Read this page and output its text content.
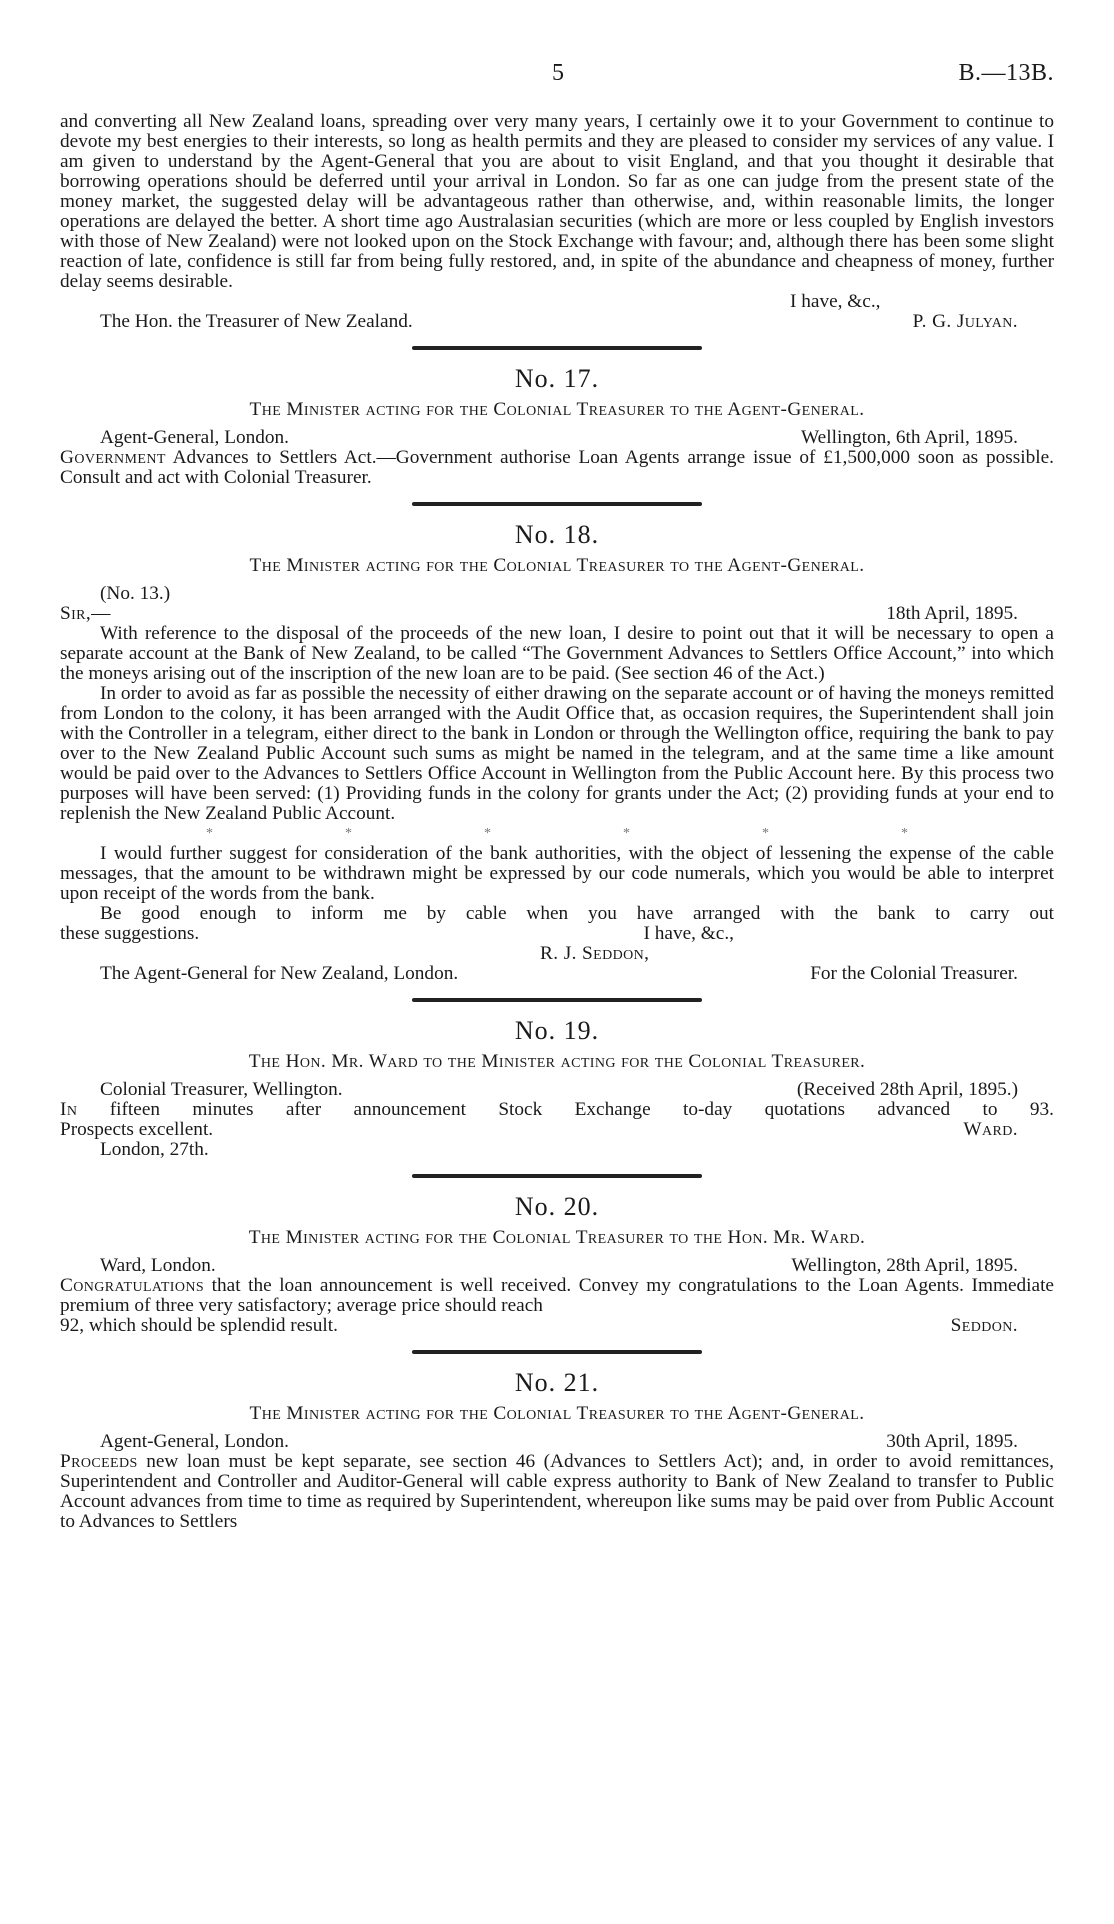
5	B.—13B.

and converting all New Zealand loans, spreading over very many years, I certainly owe it to your Government to continue to devote my best energies to their interests, so long as health permits and they are pleased to consider my services of any value. I am given to understand by the Agent-General that you are about to visit England, and that you thought it desirable that borrowing operations should be deferred until your arrival in London. So far as one can judge from the present state of the money market, the suggested delay will be advantageous rather than otherwise, and, within reasonable limits, the longer operations are delayed the better. A short time ago Australasian securities (which are more or less coupled by English investors with those of New Zealand) were not looked upon on the Stock Exchange with favour; and, although there has been some slight reaction of late, confidence is still far from being fully restored, and, in spite of the abundance and cheapness of money, further delay seems desirable.

I have, &c.,
The Hon. the Treasurer of New Zealand.	P. G. Julyan.
No. 17.
The Minister acting for the Colonial Treasurer to the Agent-General.
Agent-General, London.	Wellington, 6th April, 1895.

Government Advances to Settlers Act.—Government authorise Loan Agents arrange issue of £1,500,000 soon as possible. Consult and act with Colonial Treasurer.

No. 18.
The Minister acting for the Colonial Treasurer to the Agent-General.
(No. 13.)
Sir,—	18th April, 1895.

With reference to the disposal of the proceeds of the new loan, I desire to point out that it will be necessary to open a separate account at the Bank of New Zealand, to be called “The Government Advances to Settlers Office Account,” into which the moneys arising out of the inscription of the new loan are to be paid. (See section 46 of the Act.)

In order to avoid as far as possible the necessity of either drawing on the separate account or of having the moneys remitted from London to the colony, it has been arranged with the Audit Office that, as occasion requires, the Superintendent shall join with the Controller in a telegram, either direct to the bank in London or through the Wellington office, requiring the bank to pay over to the New Zealand Public Account such sums as might be named in the telegram, and at the same time a like amount would be paid over to the Advances to Settlers Office Account in Wellington from the Public Account here. By this process two purposes will have been served: (1) Providing funds in the colony for grants under the Act; (2) providing funds at your end to replenish the New Zealand Public Account.

*	*	*	*	*	*

I would further suggest for consideration of the bank authorities, with the object of lessening the expense of the cable messages, that the amount to be withdrawn might be expressed by our code numerals, which you would be able to interpret upon receipt of the words from the bank.

Be good enough to inform me by cable when you have arranged with the bank to carry out

these suggestions.	I have, &c.,
R. J. Seddon,
The Agent-General for New Zealand, London.	For the Colonial Treasurer.
No. 19.
The Hon. Mr. Ward to the Minister acting for the Colonial Treasurer.
Colonial Treasurer, Wellington.	(Received 28th April, 1895.)

In fifteen minutes after announcement Stock Exchange to-day quotations advanced to 93.

Prospects excellent.	Ward.
London, 27th.
No. 20.
The Minister acting for the Colonial Treasurer to the Hon. Mr. Ward.
Ward, London.	Wellington, 28th April, 1895.

Congratulations that the loan announcement is well received. Convey my congratulations to the Loan Agents. Immediate premium of three very satisfactory; average price should reach

92, which should be splendid result.	Seddon.
No. 21.
The Minister acting for the Colonial Treasurer to the Agent-General.
Agent-General, London.	30th April, 1895.

Proceeds new loan must be kept separate, see section 46 (Advances to Settlers Act); and, in order to avoid remittances, Superintendent and Controller and Auditor-General will cable express authority to Bank of New Zealand to transfer to Public Account advances from time to time as required by Superintendent, whereupon like sums may be paid over from Public Account to Advances to Settlers
